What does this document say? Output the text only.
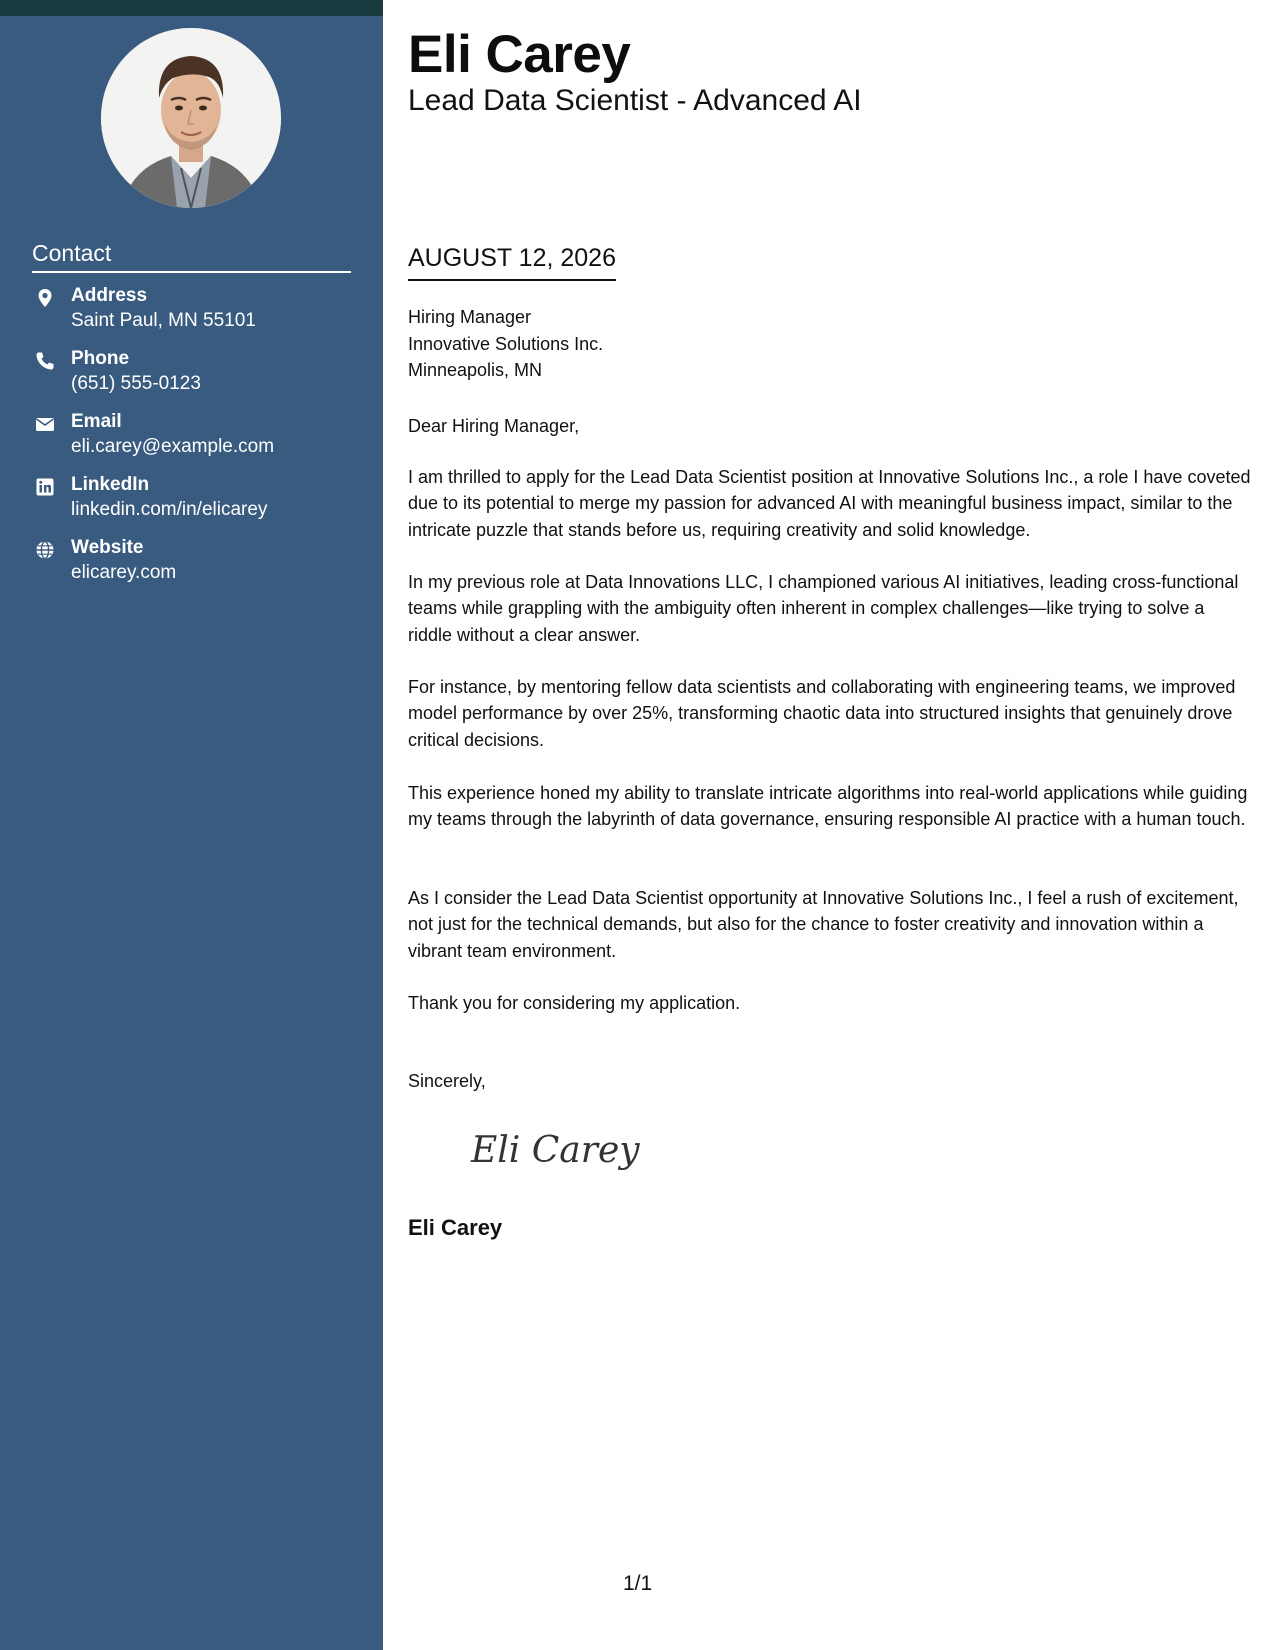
Contact
Address
Saint Paul, MN 55101
Phone
(651) 555-0123
Email
eli.carey@example.com
LinkedIn
linkedin.com/in/elicarey
Website
elicarey.com
Eli Carey
Lead Data Scientist - Advanced AI
AUGUST 12, 2026
Hiring Manager
Innovative Solutions Inc.
Minneapolis, MN
Dear Hiring Manager,
I am thrilled to apply for the Lead Data Scientist position at Innovative Solutions Inc., a role I have coveted due to its potential to merge my passion for advanced AI with meaningful business impact, similar to the intricate puzzle that stands before us, requiring creativity and solid knowledge.
In my previous role at Data Innovations LLC, I championed various AI initiatives, leading cross-functional teams while grappling with the ambiguity often inherent in complex challenges—like trying to solve a riddle without a clear answer.
For instance, by mentoring fellow data scientists and collaborating with engineering teams, we improved model performance by over 25%, transforming chaotic data into structured insights that genuinely drove critical decisions.
This experience honed my ability to translate intricate algorithms into real-world applications while guiding my teams through the labyrinth of data governance, ensuring responsible AI practice with a human touch.
As I consider the Lead Data Scientist opportunity at Innovative Solutions Inc., I feel a rush of excitement, not just for the technical demands, but also for the chance to foster creativity and innovation within a vibrant team environment.
Thank you for considering my application.
Sincerely,
Eli Carey
Eli Carey
1/1
